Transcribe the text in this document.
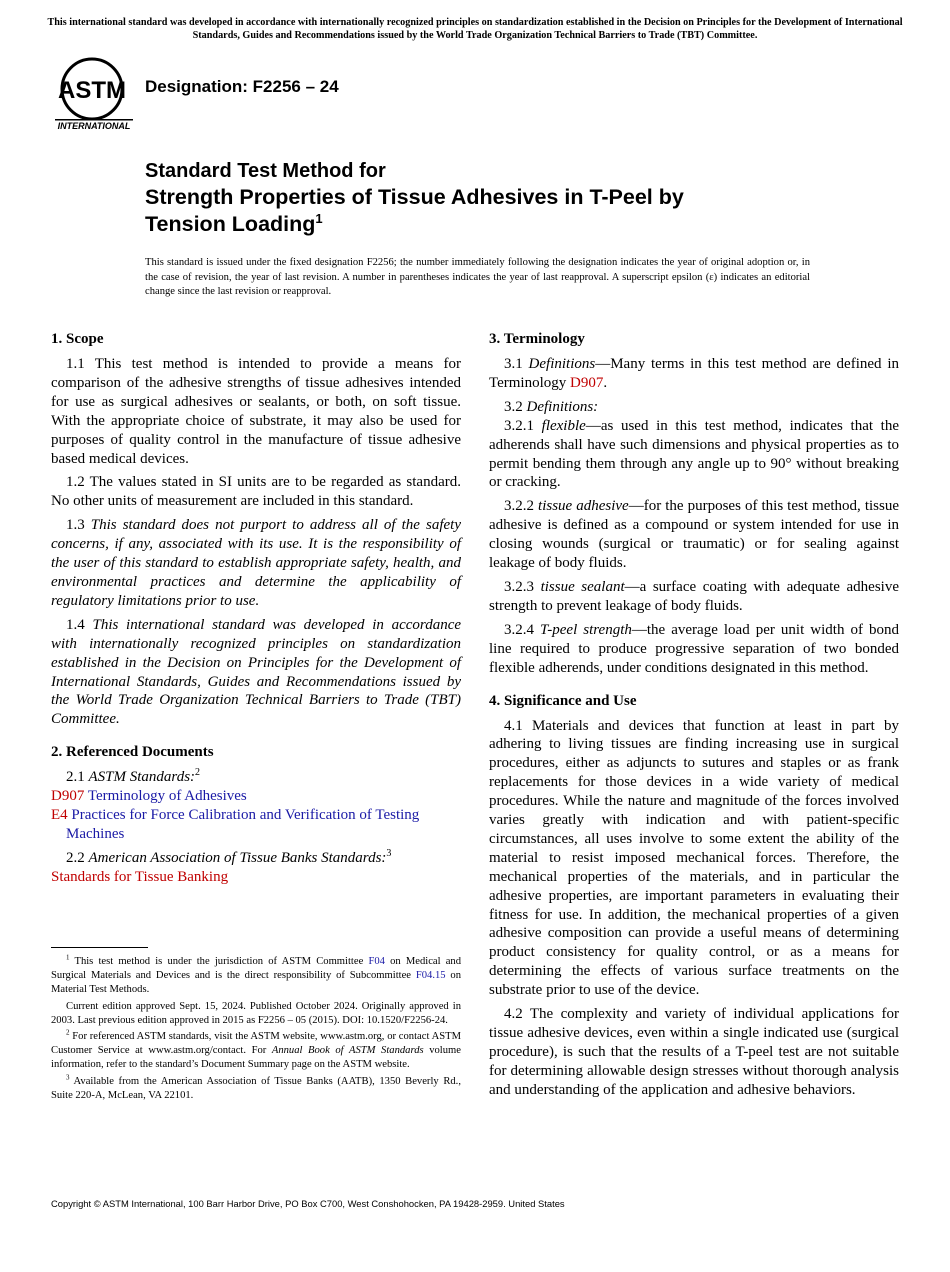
This international standard was developed in accordance with internationally recognized principles on standardization established in the Decision on Principles for the Development of International Standards, Guides and Recommendations issued by the World Trade Organization Technical Barriers to Trade (TBT) Committee.
ASTM
INTERNATIONAL
Designation: F2256 – 24
Standard Test Method for
Strength Properties of Tissue Adhesives in T-Peel by
Tension Loading$^1$
This standard is issued under the fixed designation F2256; the number immediately following the designation indicates the year of original adoption or, in the case of revision, the year of last revision. A number in parentheses indicates the year of last reapproval. A superscript epsilon (ε) indicates an editorial change since the last revision or reapproval.
1. Scope

1.1 This test method is intended to provide a means for comparison of the adhesive strengths of tissue adhesives intended for use as surgical adhesives or sealants, or both, on soft tissue. With the appropriate choice of substrate, it may also be used for purposes of quality control in the manufacture of tissue adhesive based medical devices.

1.2 The values stated in SI units are to be regarded as standard. No other units of measurement are included in this standard.

1.3 This standard does not purport to address all of the safety concerns, if any, associated with its use. It is the responsibility of the user of this standard to establish appropriate safety, health, and environmental practices and determine the applicability of regulatory limitations prior to use.

1.4 This international standard was developed in accordance with internationally recognized principles on standardization established in the Decision on Principles for the Development of International Standards, Guides and Recommendations issued by the World Trade Organization Technical Barriers to Trade (TBT) Committee.

2. Referenced Documents

2.1 ASTM Standards:$^2$

D907 Terminology of Adhesives

E4 Practices for Force Calibration and Verification of Testing Machines

2.2 American Association of Tissue Banks Standards:$^3$

Standards for Tissue Banking

$^1$ This test method is under the jurisdiction of ASTM Committee F04 on Medical and Surgical Materials and Devices and is the direct responsibility of Subcommittee F04.15 on Material Test Methods.

Current edition approved Sept. 15, 2024. Published October 2024. Originally approved in 2003. Last previous edition approved in 2015 as F2256 – 05 (2015). DOI: 10.1520/F2256-24.

$^2$ For referenced ASTM standards, visit the ASTM website, www.astm.org, or contact ASTM Customer Service at www.astm.org/contact. For Annual Book of ASTM Standards volume information, refer to the standard’s Document Summary page on the ASTM website.

$^3$ Available from the American Association of Tissue Banks (AATB), 1350 Beverly Rd., Suite 220-A, McLean, VA 22101.

3. Terminology

3.1 Definitions—Many terms in this test method are defined in Terminology D907.

3.2 Definitions:

3.2.1 flexible—as used in this test method, indicates that the adherends shall have such dimensions and physical properties as to permit bending them through any angle up to 90° without breaking or cracking.

3.2.2 tissue adhesive—for the purposes of this test method, tissue adhesive is defined as a compound or system intended for use in closing wounds (surgical or traumatic) or for sealing against leakage of body fluids.

3.2.3 tissue sealant—a surface coating with adequate adhesive strength to prevent leakage of body fluids.

3.2.4 T-peel strength—the average load per unit width of bond line required to produce progressive separation of two bonded flexible adherends, under conditions designated in this method.

4. Significance and Use

4.1 Materials and devices that function at least in part by adhering to living tissues are finding increasing use in surgical procedures, either as adjuncts to sutures and staples or as frank replacements for those devices in a wide variety of medical procedures. While the nature and magnitude of the forces involved varies greatly with indication and with patient-specific circumstances, all uses involve to some extent the ability of the material to resist imposed mechanical forces. Therefore, the mechanical properties of the materials, and in particular the adhesive properties, are important parameters in evaluating their fitness for use. In addition, the mechanical properties of a given adhesive composition can provide a useful means of determining product consistency for quality control, or as a means for determining the effects of various surface treatments on the substrate prior to use of the device.

4.2 The complexity and variety of individual applications for tissue adhesive devices, even within a single indicated use (surgical procedure), is such that the results of a T-peel test are not suitable for determining allowable design stresses without thorough analysis and understanding of the application and adhesive behaviors.

Copyright © ASTM International, 100 Barr Harbor Drive, PO Box C700, West Conshohocken, PA 19428-2959. United States
